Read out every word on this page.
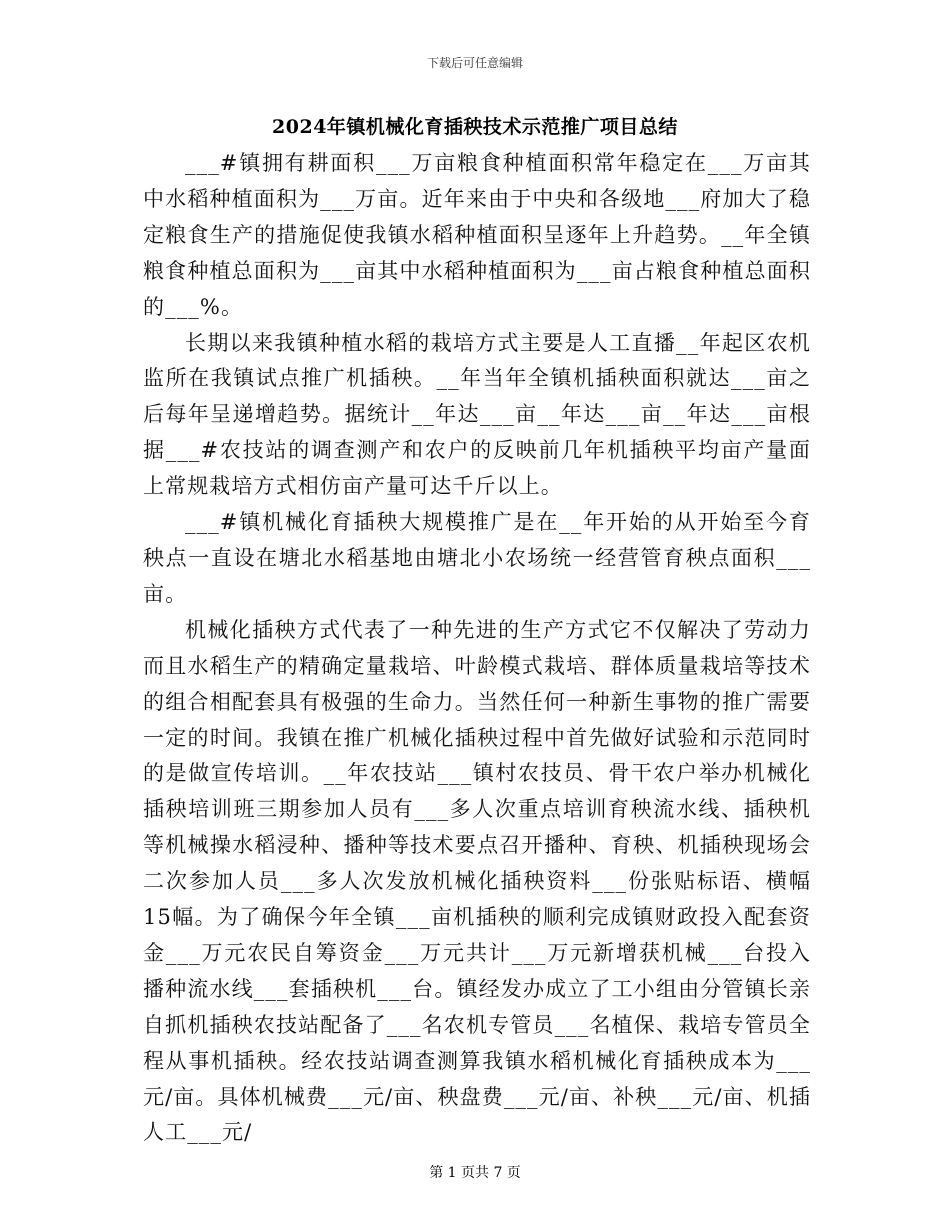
下载后可任意编辑
2024年镇机械化育插秧技术示范推广项目总结

___#镇拥有耕面积___万亩粮食种植面积常年稳定在___万亩其中水稻种植面积为___万亩。近年来由于中央和各级地___府加大了稳定粮食生产的措施促使我镇水稻种植面积呈逐年上升趋势。__年全镇粮食种植总面积为___亩其中水稻种植面积为___亩占粮食种植总面积的___%。

长期以来我镇种植水稻的栽培方式主要是人工直播__年起区农机监所在我镇试点推广机插秧。__年当年全镇机插秧面积就达___亩之后每年呈递增趋势。据统计__年达___亩__年达___亩__年达___亩根据___#农技站的调查测产和农户的反映前几年机插秧平均亩产量面上常规栽培方式相仿亩产量可达千斤以上。

___#镇机械化育插秧大规模推广是在__年开始的从开始至今育秧点一直设在塘北水稻基地由塘北小农场统一经营管育秧点面积___亩。

机械化插秧方式代表了一种先进的生产方式它不仅解决了劳动力而且水稻生产的精确定量栽培、叶龄模式栽培、群体质量栽培等技术的组合相配套具有极强的生命力。当然任何一种新生事物的推广需要一定的时间。我镇在推广机械化插秧过程中首先做好试验和示范同时的是做宣传培训。__年农技站___镇村农技员、骨干农户举办机械化插秧培训班三期参加人员有___多人次重点培训育秧流水线、插秧机等机械操水稻浸种、播种等技术要点召开播种、育秧、机插秧现场会二次参加人员___多人次发放机械化插秧资料___份张贴标语、横幅15幅。为了确保今年全镇___亩机插秧的顺利完成镇财政投入配套资金___万元农民自筹资金___万元共计___万元新增获机械___台投入播种流水线___套插秧机___台。镇经发办成立了工小组由分管镇长亲自抓机插秧农技站配备了___名农机专管员___名植保、栽培专管员全程从事机插秧。经农技站调查测算我镇水稻机械化育插秧成本为___元/亩。具体机械费___元/亩、秧盘费___元/亩、补秧___元/亩、机插人工___元/

第 1 页共 7 页
